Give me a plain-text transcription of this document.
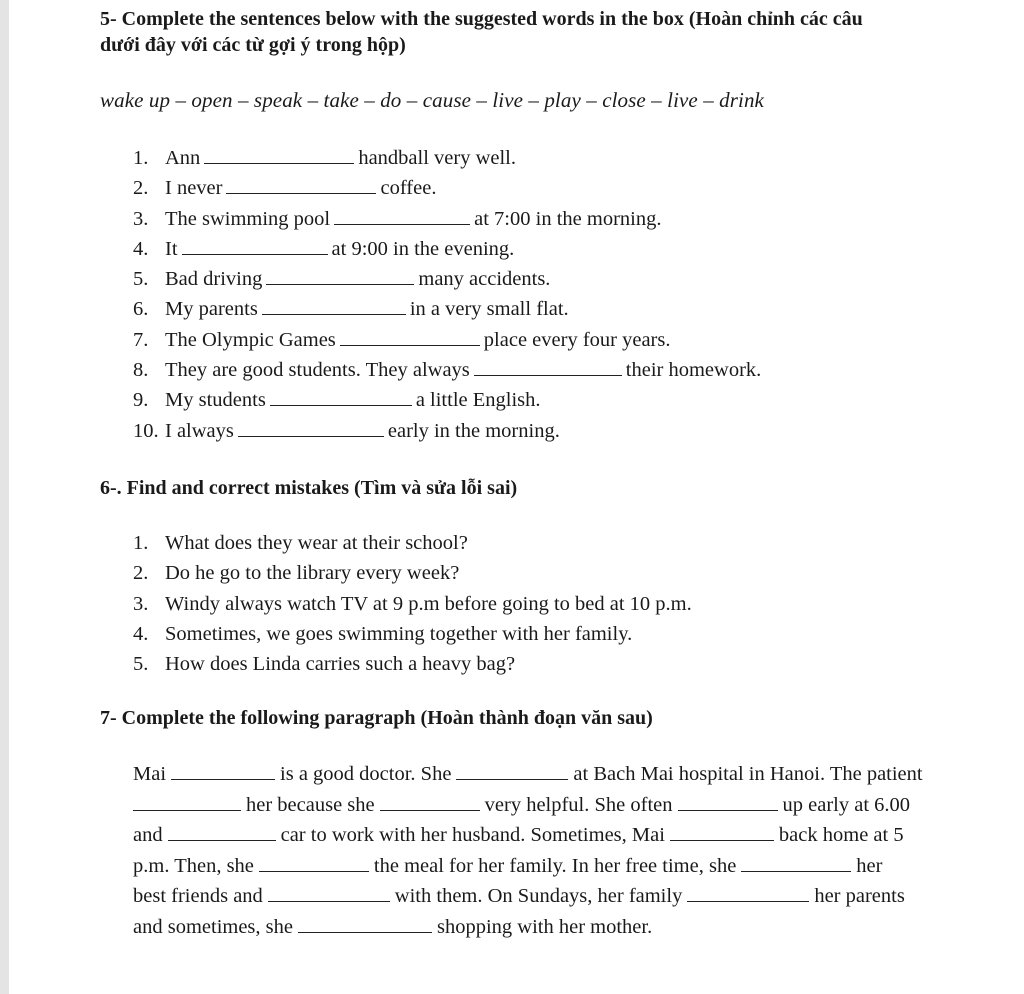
5- Complete the sentences below with the suggested words in the box (Hoàn chỉnh các câu

dưới đây với các từ gợi ý trong hộp)

wake up – open – speak – take – do – cause – live – play – close – live – drink
1. Ann	handball very well.
2. I never	coffee.
3. The swimming pool	at 7:00 in the morning.
4. It	at 9:00 in the evening.
5. Bad driving	many accidents.
6. My parents	in a very small flat.
7. The Olympic Games	place every four years.
8. They are good students. They always	their homework.
9. My students	a little English.
10. I always	early in the morning.

6-. Find and correct mistakes (Tìm và sửa lỗi sai)

1. What does they wear at their school?
2. Do he go to the library every week?
3. Windy always watch TV at 9 p.m before going to bed at 10 p.m.
4. Sometimes, we goes swimming together with her family.
5. How does Linda carries such a heavy bag?

7- Complete the following paragraph (Hoàn thành đoạn văn sau)

Mai	is a good doctor. She	at Bach Mai hospital in Hanoi. The patient
her because she	very helpful. She often	up early at 6.00
and	car to work with her husband. Sometimes, Mai	back home at 5
p.m. Then, she	the meal for her family. In her free time, she	her
best friends and	with them. On Sundays, her family	her parents
and sometimes, she	shopping with her mother.
